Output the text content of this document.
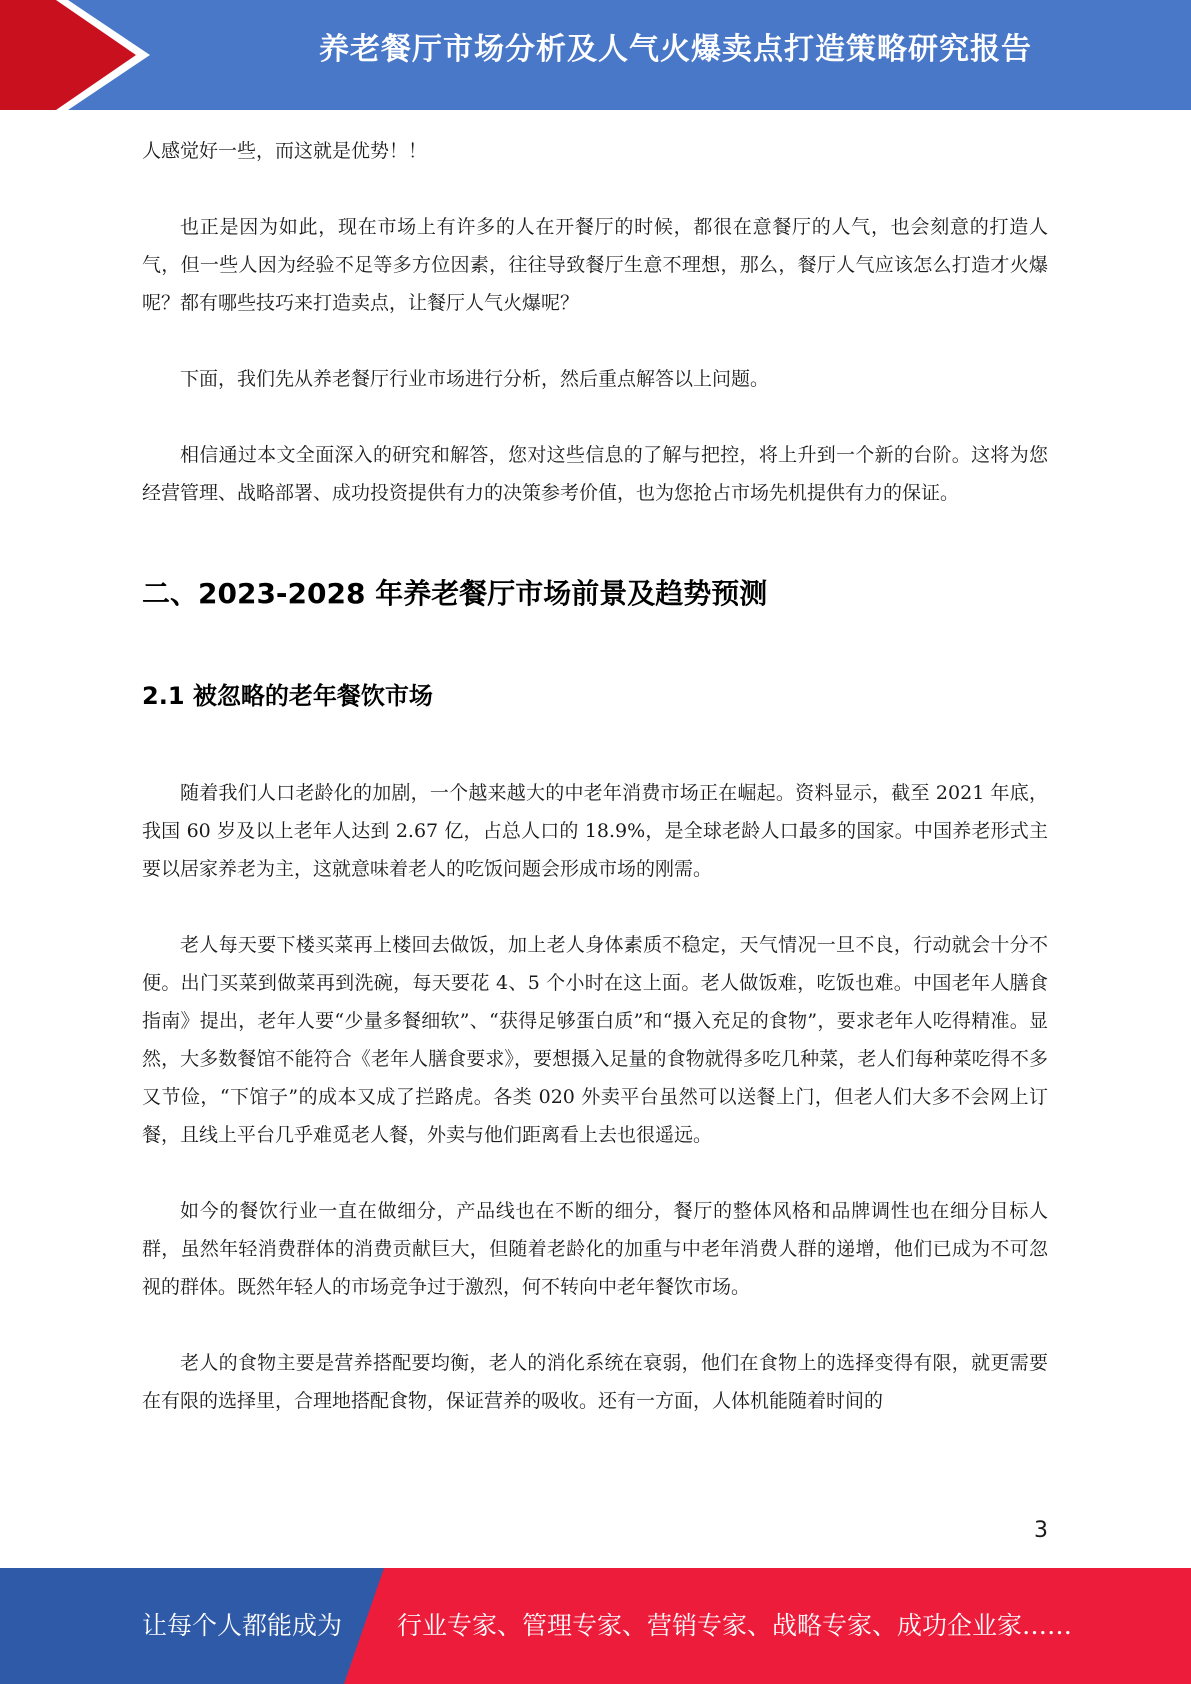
养老餐厅市场分析及人气火爆卖点打造策略研究报告

人感觉好一些，而这就是优势！！

也正是因为如此，现在市场上有许多的人在开餐厅的时候，都很在意餐厅的人气，也会刻意的打造人气，但一些人因为经验不足等多方位因素，往往导致餐厅生意不理想，那么，餐厅人气应该怎么打造才火爆呢？都有哪些技巧来打造卖点，让餐厅人气火爆呢？

下面，我们先从养老餐厅行业市场进行分析，然后重点解答以上问题。

相信通过本文全面深入的研究和解答，您对这些信息的了解与把控，将上升到一个新的台阶。这将为您经营管理、战略部署、成功投资提供有力的决策参考价值，也为您抢占市场先机提供有力的保证。

二、2023-2028 年养老餐厅市场前景及趋势预测
2.1 被忽略的老年餐饮市场

随着我们人口老龄化的加剧，一个越来越大的中老年消费市场正在崛起。资料显示，截至 2021 年底，我国 60 岁及以上老年人达到 2.67 亿，占总人口的 18.9%，是全球老龄人口最多的国家。中国养老形式主要以居家养老为主，这就意味着老人的吃饭问题会形成市场的刚需。

老人每天要下楼买菜再上楼回去做饭，加上老人身体素质不稳定，天气情况一旦不良，行动就会十分不便。出门买菜到做菜再到洗碗，每天要花 4、5 个小时在这上面。老人做饭难，吃饭也难。中国老年人膳食指南》提出，老年人要“少量多餐细软”、“获得足够蛋白质”和“摄入充足的食物”，要求老年人吃得精准。显然，大多数餐馆不能符合《老年人膳食要求》，要想摄入足量的食物就得多吃几种菜，老人们每种菜吃得不多又节俭，“下馆子”的成本又成了拦路虎。各类 020 外卖平台虽然可以送餐上门，但老人们大多不会网上订餐，且线上平台几乎难觅老人餐，外卖与他们距离看上去也很遥远。

如今的餐饮行业一直在做细分，产品线也在不断的细分，餐厅的整体风格和品牌调性也在细分目标人群，虽然年轻消费群体的消费贡献巨大，但随着老龄化的加重与中老年消费人群的递增，他们已成为不可忽视的群体。既然年轻人的市场竞争过于激烈，何不转向中老年餐饮市场。

老人的食物主要是营养搭配要均衡，老人的消化系统在衰弱，他们在食物上的选择变得有限，就更需要在有限的选择里，合理地搭配食物，保证营养的吸收。还有一方面，人体机能随着时间的

3
让每个人都能成为 行业专家、管理专家、营销专家、战略专家、成功企业家……
